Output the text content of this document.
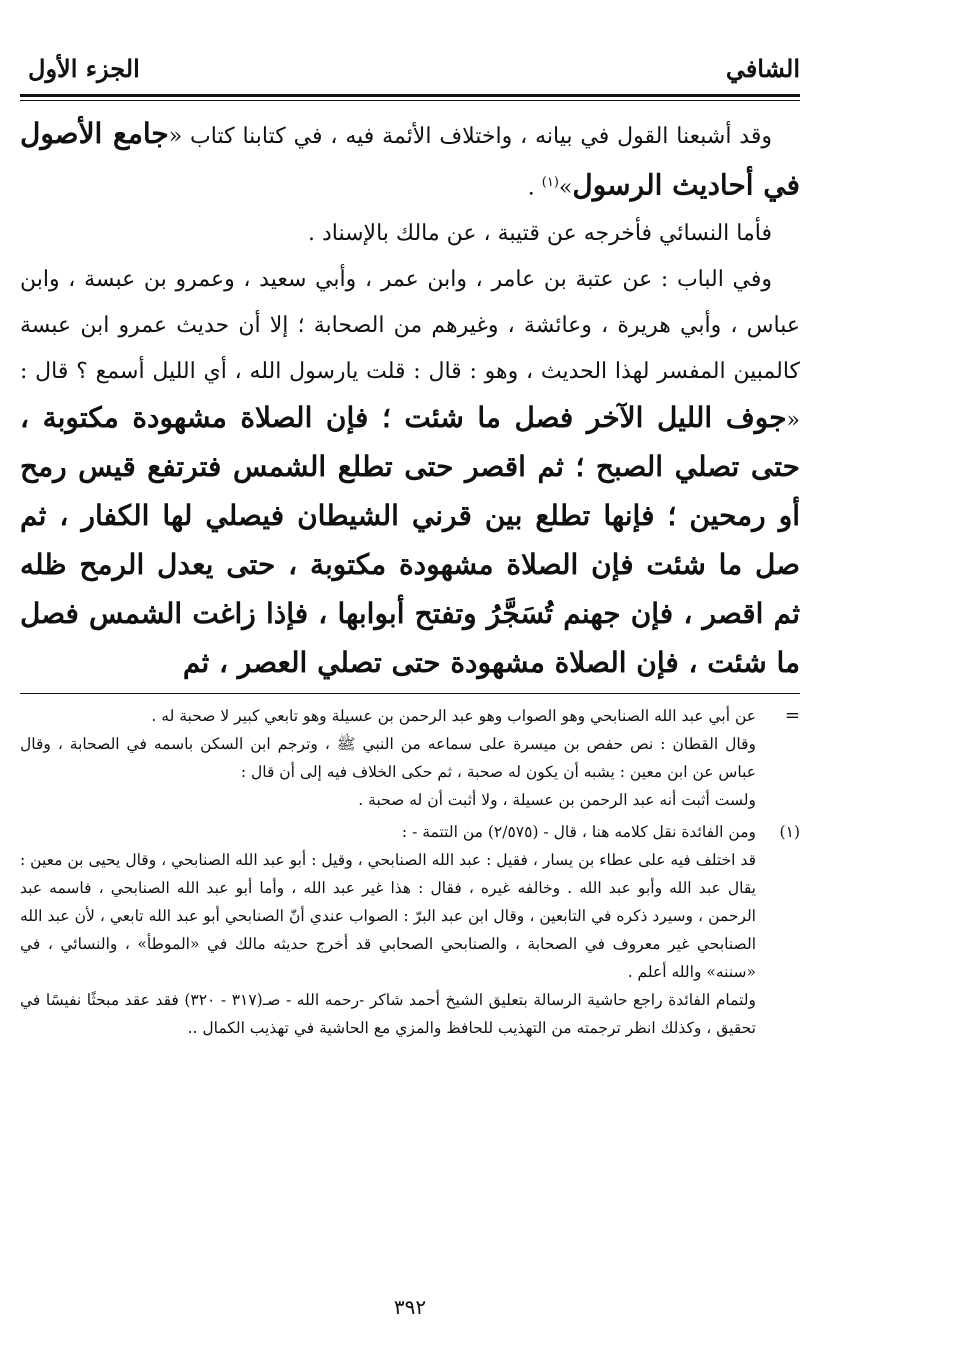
الشافي
الجزء الأول

وقد أشبعنا القول في بيانه ، واختلاف الأئمة فيه ، في كتابنا كتاب «جامع الأصول في أحاديث الرسول»$^{(١)}$ .

فأما النسائي فأخرجه عن قتيبة ، عن مالك بالإسناد .

وفي الباب : عن عتبة بن عامر ، وابن عمر ، وأبي سعيد ، وعمرو بن عبسة ، وابن عباس ، وأبي هريرة ، وعائشة ، وغيرهم من الصحابة ؛ إلا أن حديث عمرو ابن عبسة كالمبين المفسر لهذا الحديث ، وهو : قال : قلت يارسول الله ، أي الليل أسمع ؟ قال : «جوف الليل الآخر فصل ما شئت ؛ فإن الصلاة مشهودة مكتوبة ، حتى تصلي الصبح ؛ ثم اقصر حتى تطلع الشمس فترتفع قيس رمح أو رمحين ؛ فإنها تطلع بين قرني الشيطان فيصلي لها الكفار ، ثم صل ما شئت فإن الصلاة مشهودة مكتوبة ، حتى يعدل الرمح ظله ثم اقصر ، فإن جهنم تُسَجَّرُ وتفتح أبوابها ، فإذا زاغت الشمس فصل ما شئت ، فإن الصلاة مشهودة حتى تصلي العصر ، ثم

=
عن أبي عبد الله الصنابحي وهو الصواب وهو عبد الرحمن بن عسيلة وهو تابعي كبير لا صحبة له .
وقال القطان : نص حفص بن ميسرة على سماعه من النبي ﷺ ، وترجم ابن السكن باسمه في الصحابة ، وقال عباس عن ابن معين : يشبه أن يكون له صحبة ، ثم حكى الخلاف فيه إلى أن قال :
ولست أثبت أنه عبد الرحمن بن عسيلة ، ولا أثبت أن له صحبة .
(١)
ومن الفائدة نقل كلامه هنا ، قال - (٢/٥٧٥) من التتمة - :
قد اختلف فيه على عطاء بن يسار ، فقيل : عبد الله الصنابحي ، وقيل : أبو عبد الله الصنابحي ، وقال يحيى بن معين : يقال عبد الله وأبو عبد الله . وخالفه غيره ، فقال : هذا غير عبد الله ، وأما أبو عبد الله الصنابحي ، فاسمه عبد الرحمن ، وسيرد ذكره في التابعين ، وقال ابن عبد البرّ : الصواب عندي أنّ الصنابحي أبو عبد الله تابعي ، لأن عبد الله الصنابحي غير معروف في الصحابة ، والصنابحي الصحابي قد أخرج حديثه مالك في «الموطأ» ، والنسائي ، في «سننه» والله أعلم .
ولتمام الفائدة راجع حاشية الرسالة بتعليق الشيخ أحمد شاكر -رحمه الله - صـ(٣١٧ - ٣٢٠) فقد عقد مبحثًا نفيسًا في تحقيق ، وكذلك انظر ترجمته من التهذيب للحافظ والمزي مع الحاشية في تهذيب الكمال ..
٣٩٢
